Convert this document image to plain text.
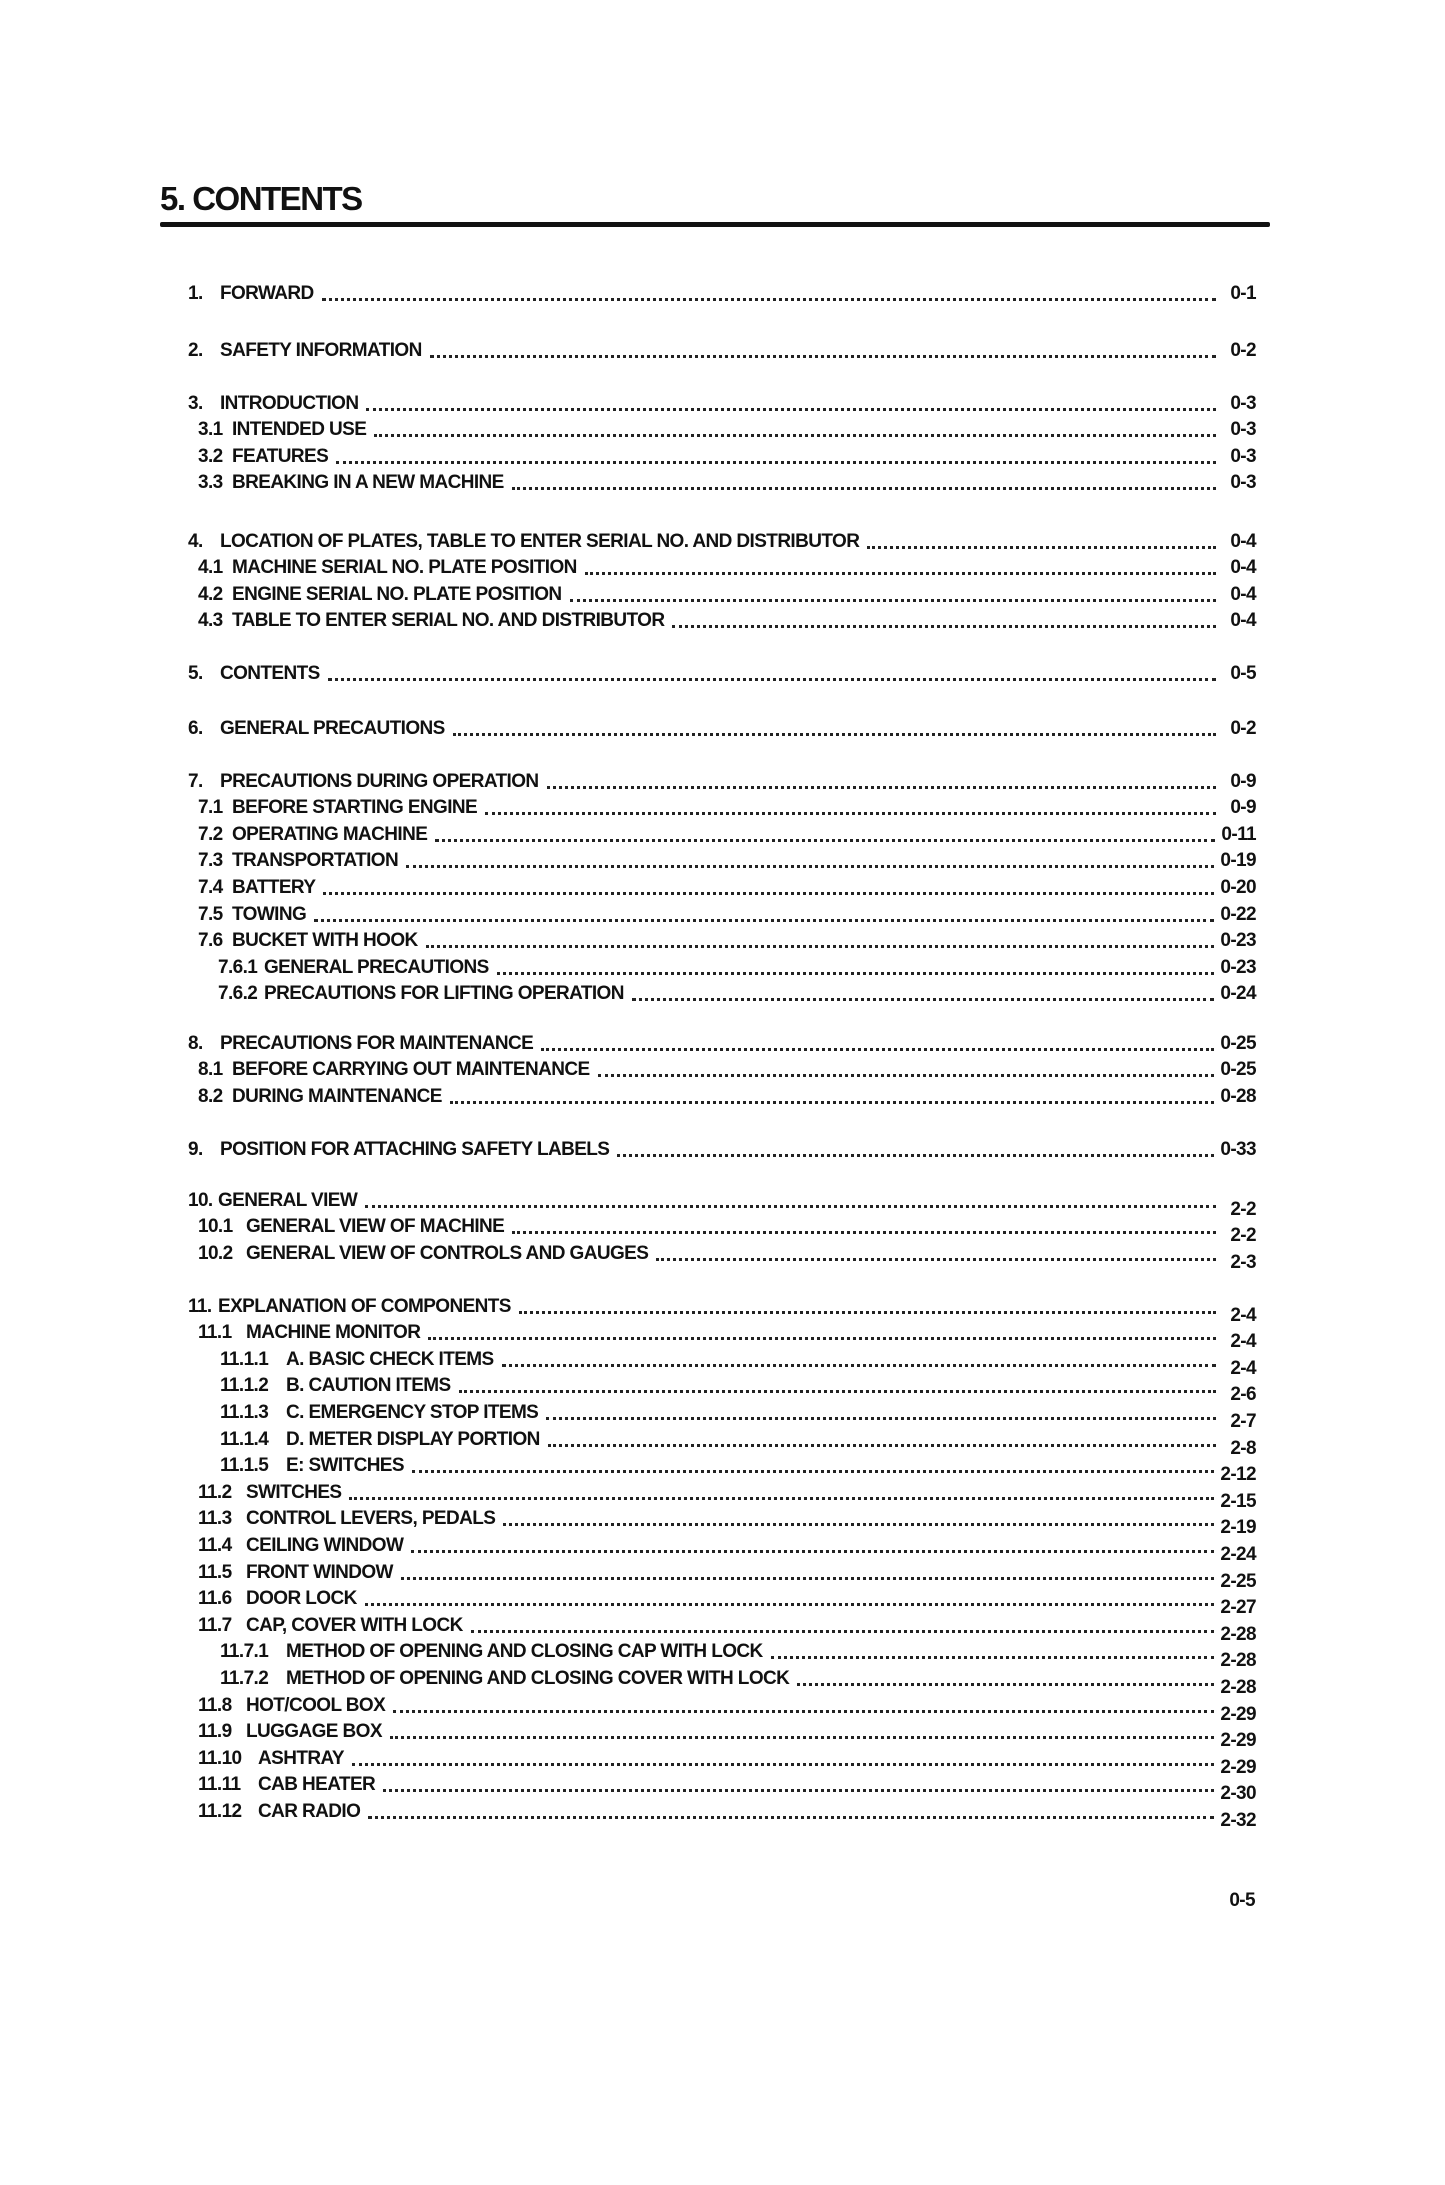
5. CONTENTS
1. FORWARD	0-1
2. SAFETY INFORMATION	0-2
3. INTRODUCTION	0-3
3.1 INTENDED USE	0-3
3.2 FEATURES	0-3
3.3 BREAKING IN A NEW MACHINE	0-3
4. LOCATION OF PLATES, TABLE TO ENTER SERIAL NO. AND DISTRIBUTOR	0-4
4.1 MACHINE SERIAL NO. PLATE POSITION	0-4
4.2 ENGINE SERIAL NO. PLATE POSITION	0-4
4.3 TABLE TO ENTER SERIAL NO. AND DISTRIBUTOR	0-4
5. CONTENTS	0-5
6. GENERAL PRECAUTIONS	0-2
7. PRECAUTIONS DURING OPERATION	0-9
7.1 BEFORE STARTING ENGINE	0-9
7.2 OPERATING MACHINE	0-11
7.3 TRANSPORTATION	0-19
7.4 BATTERY	0-20
7.5 TOWING	0-22
7.6 BUCKET WITH HOOK	0-23
7.6.1 GENERAL PRECAUTIONS	0-23
7.6.2 PRECAUTIONS FOR LIFTING OPERATION	0-24
8. PRECAUTIONS FOR MAINTENANCE	0-25
8.1 BEFORE CARRYING OUT MAINTENANCE	0-25
8.2 DURING MAINTENANCE	0-28
9. POSITION FOR ATTACHING SAFETY LABELS	0-33
10. GENERAL VIEW	2-2
10.1 GENERAL VIEW OF MACHINE	2-2
10.2 GENERAL VIEW OF CONTROLS AND GAUGES	2-3
11. EXPLANATION OF COMPONENTS	2-4
11.1 MACHINE MONITOR	2-4
11.1.1 A. BASIC CHECK ITEMS	2-4
11.1.2 B. CAUTION ITEMS	2-6
11.1.3 C. EMERGENCY STOP ITEMS	2-7
11.1.4 D. METER DISPLAY PORTION	2-8
11.1.5 E: SWITCHES	2-12
11.2 SWITCHES	2-15
11.3 CONTROL LEVERS, PEDALS	2-19
11.4 CEILING WINDOW	2-24
11.5 FRONT WINDOW	2-25
11.6 DOOR LOCK	2-27
11.7 CAP, COVER WITH LOCK	2-28
11.7.1 METHOD OF OPENING AND CLOSING CAP WITH LOCK	2-28
11.7.2 METHOD OF OPENING AND CLOSING COVER WITH LOCK	2-28
11.8 HOT/COOL BOX	2-29
11.9 LUGGAGE BOX	2-29
11.10 ASHTRAY	2-29
11.11 CAB HEATER	2-30
11.12 CAR RADIO	2-32
0-5
